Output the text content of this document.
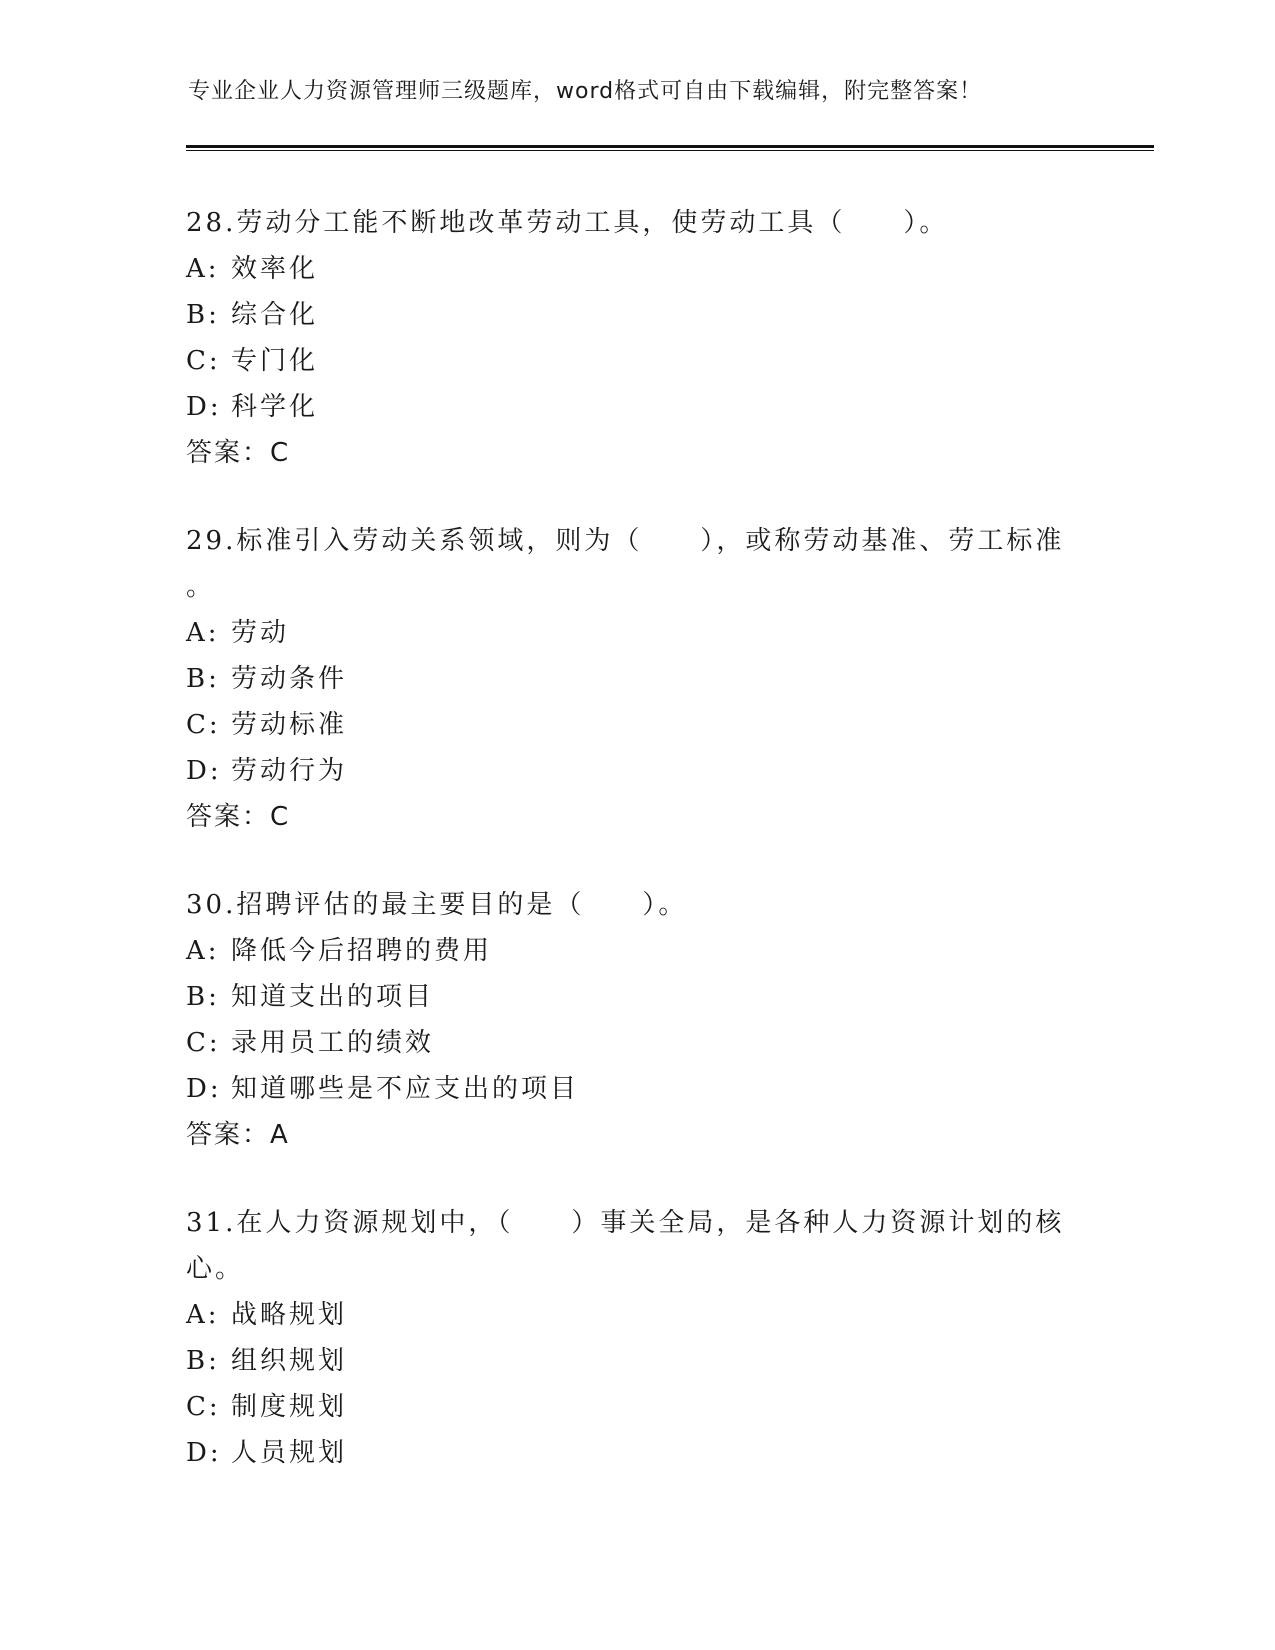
专业企业人力资源管理师三级题库，word格式可自由下载编辑，附完整答案！
28.劳动分工能不断地改革劳动工具，使劳动工具（　　）。
A: 效率化
B: 综合化
C: 专门化
D: 科学化
答案：C
29.标准引入劳动关系领域，则为（　　），或称劳动基准、劳工标准
。
A: 劳动
B: 劳动条件
C: 劳动标准
D: 劳动行为
答案：C
30.招聘评估的最主要目的是（　　）。
A: 降低今后招聘的费用
B: 知道支出的项目
C: 录用员工的绩效
D: 知道哪些是不应支出的项目
答案：A
31.在人力资源规划中，（　　）事关全局，是各种人力资源计划的核
心。
A: 战略规划
B: 组织规划
C: 制度规划
D: 人员规划
